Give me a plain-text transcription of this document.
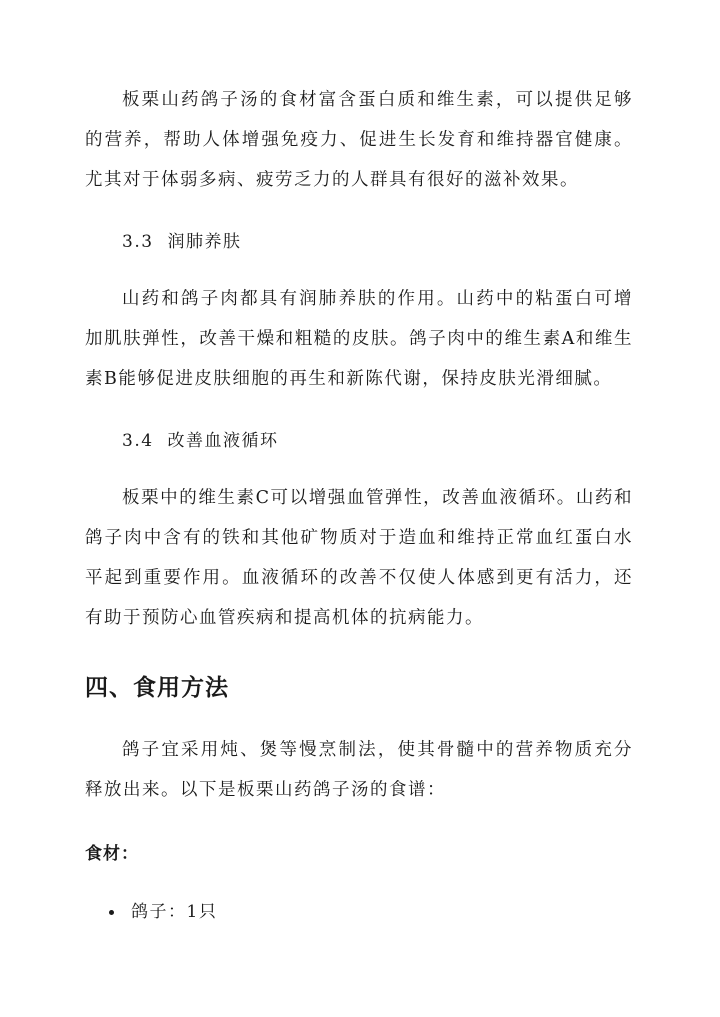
板栗山药鸽子汤的食材富含蛋白质和维生素，可以提供足够的营养，帮助人体增强免疫力、促进生长发育和维持器官健康。尤其对于体弱多病、疲劳乏力的人群具有很好的滋补效果。

3.3 润肺养肤

山药和鸽子肉都具有润肺养肤的作用。山药中的粘蛋白可增加肌肤弹性，改善干燥和粗糙的皮肤。鸽子肉中的维生素A和维生素B能够促进皮肤细胞的再生和新陈代谢，保持皮肤光滑细腻。

3.4 改善血液循环

板栗中的维生素C可以增强血管弹性，改善血液循环。山药和鸽子肉中含有的铁和其他矿物质对于造血和维持正常血红蛋白水平起到重要作用。血液循环的改善不仅使人体感到更有活力，还有助于预防心血管疾病和提高机体的抗病能力。

四、食用方法

鸽子宜采用炖、煲等慢烹制法，使其骨髓中的营养物质充分释放出来。以下是板栗山药鸽子汤的食谱：

食材：
鸽子：1只
